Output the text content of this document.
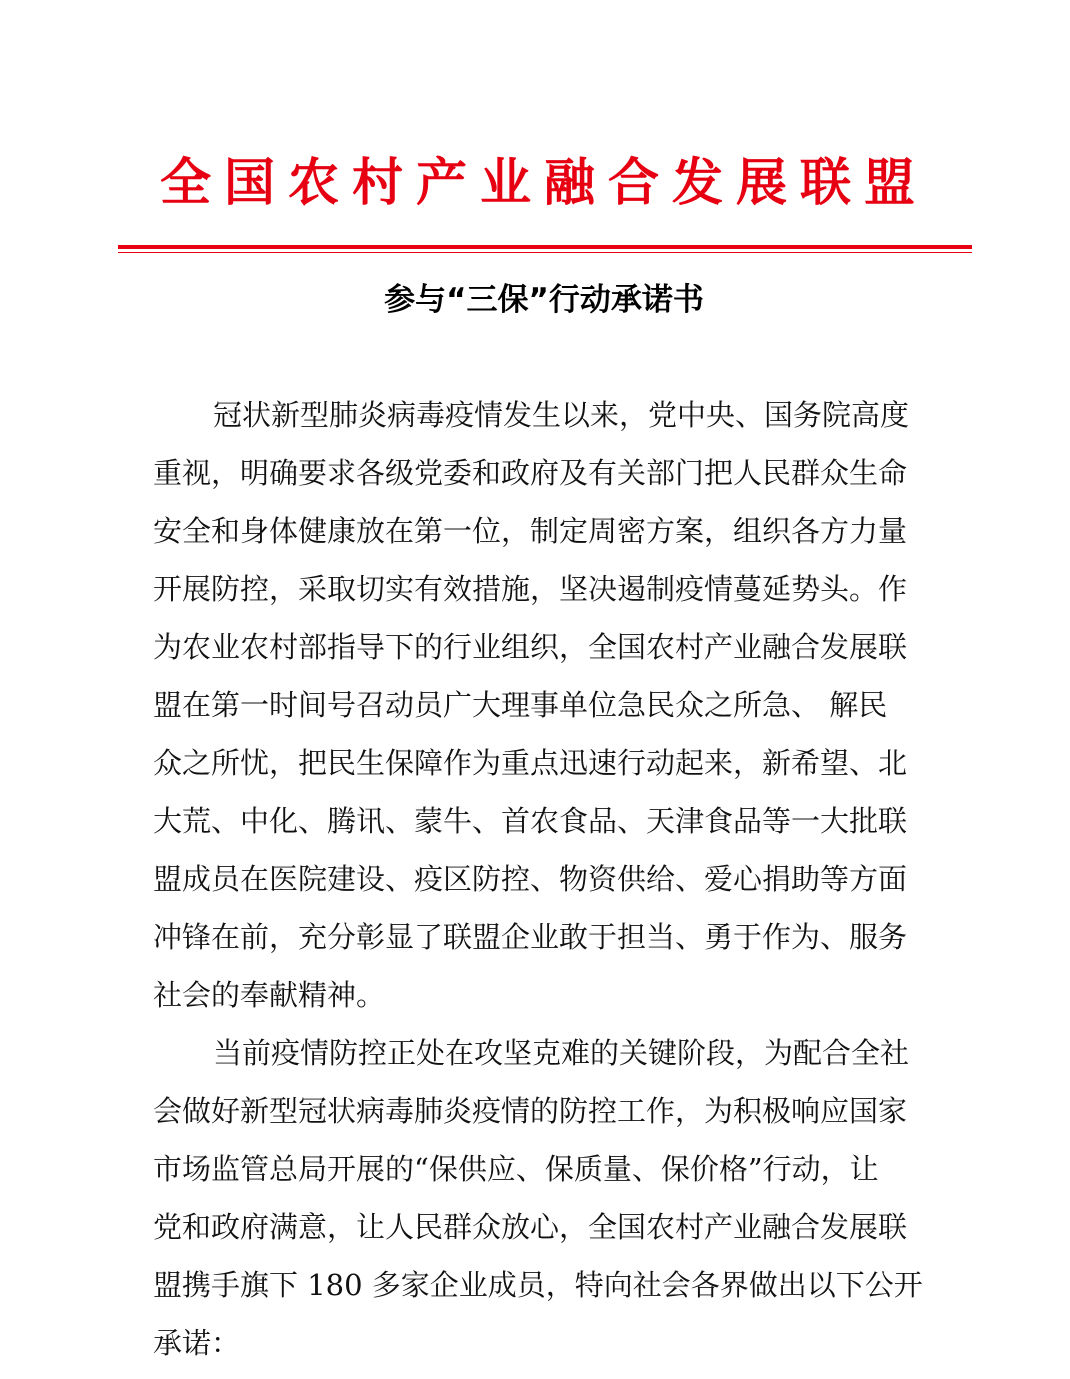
全国农村产业融合发展联盟
参与“三保”行动承诺书
冠状新型肺炎病毒疫情发生以来，党中央、国务院高度
重视，明确要求各级党委和政府及有关部门把人民群众生命
安全和身体健康放在第一位，制定周密方案，组织各方力量
开展防控，采取切实有效措施，坚决遏制疫情蔓延势头。作
为农业农村部指导下的行业组织，全国农村产业融合发展联
盟在第一时间号召动员广大理事单位急民众之所急、 解民
众之所忧，把民生保障作为重点迅速行动起来，新希望、北
大荒、中化、腾讯、蒙牛、首农食品、天津食品等一大批联
盟成员在医院建设、疫区防控、物资供给、爱心捐助等方面
冲锋在前，充分彰显了联盟企业敢于担当、勇于作为、服务
社会的奉献精神。
当前疫情防控正处在攻坚克难的关键阶段，为配合全社
会做好新型冠状病毒肺炎疫情的防控工作，为积极响应国家
市场监管总局开展的“保供应、保质量、保价格”行动，让
党和政府满意，让人民群众放心，全国农村产业融合发展联
盟携手旗下 180 多家企业成员，特向社会各界做出以下公开
承诺：
